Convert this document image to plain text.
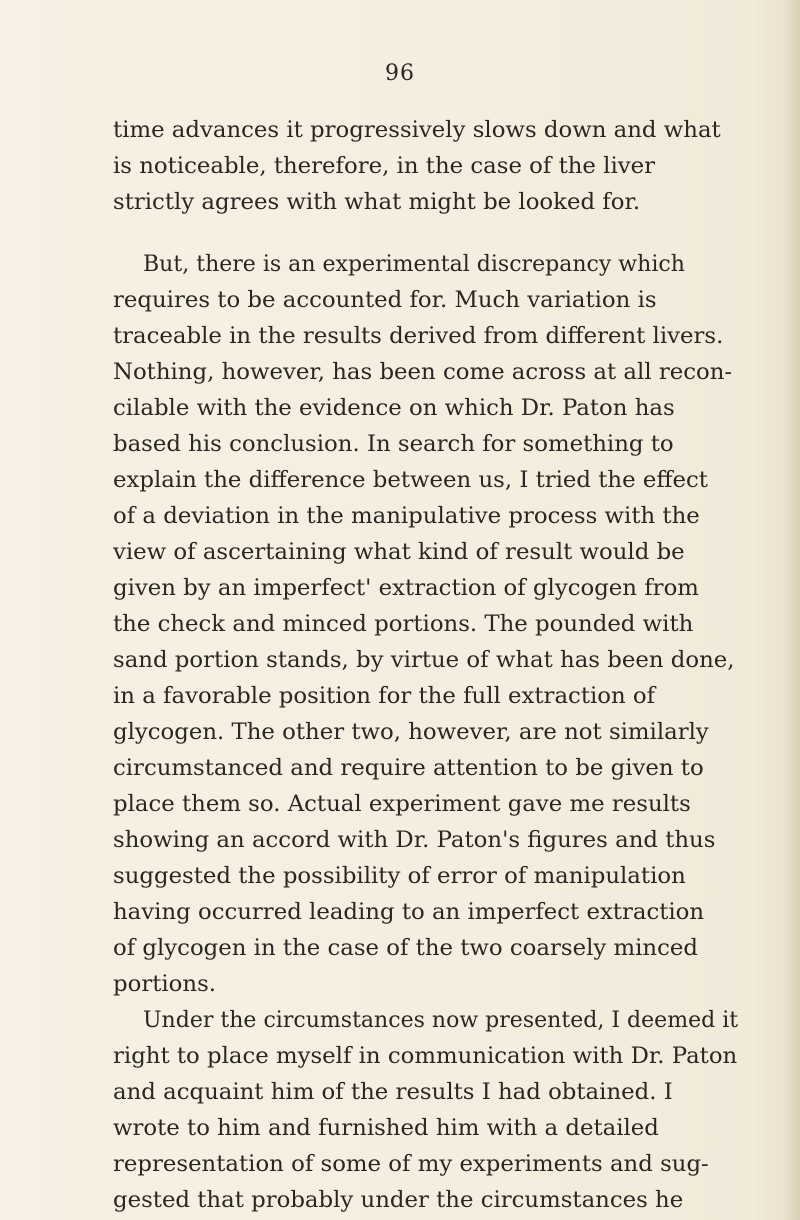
96
time advances it progressively slows down and what
is noticeable, therefore, in the case of the liver
strictly agrees with what might be looked for.
But, there is an experimental discrepancy which
requires to be accounted for. Much variation is
traceable in the results derived from different livers.
Nothing, however, has been come across at all recon-
cilable with the evidence on which Dr. Paton has
based his conclusion. In search for something to
explain the difference between us, I tried the effect
of a deviation in the manipulative process with the
view of ascertaining what kind of result would be
given by an imperfect' extraction of glycogen from
the check and minced portions. The pounded with
sand portion stands, by virtue of what has been done,
in a favorable position for the full extraction of
glycogen. The other two, however, are not similarly
circumstanced and require attention to be given to
place them so. Actual experiment gave me results
showing an accord with Dr. Paton's figures and thus
suggested the possibility of error of manipulation
having occurred leading to an imperfect extraction
of glycogen in the case of the two coarsely minced
portions.
Under the circumstances now presented, I deemed it
right to place myself in communication with Dr. Paton
and acquaint him of the results I had obtained. I
wrote to him and furnished him with a detailed
representation of some of my experiments and sug-
gested that probably under the circumstances he
